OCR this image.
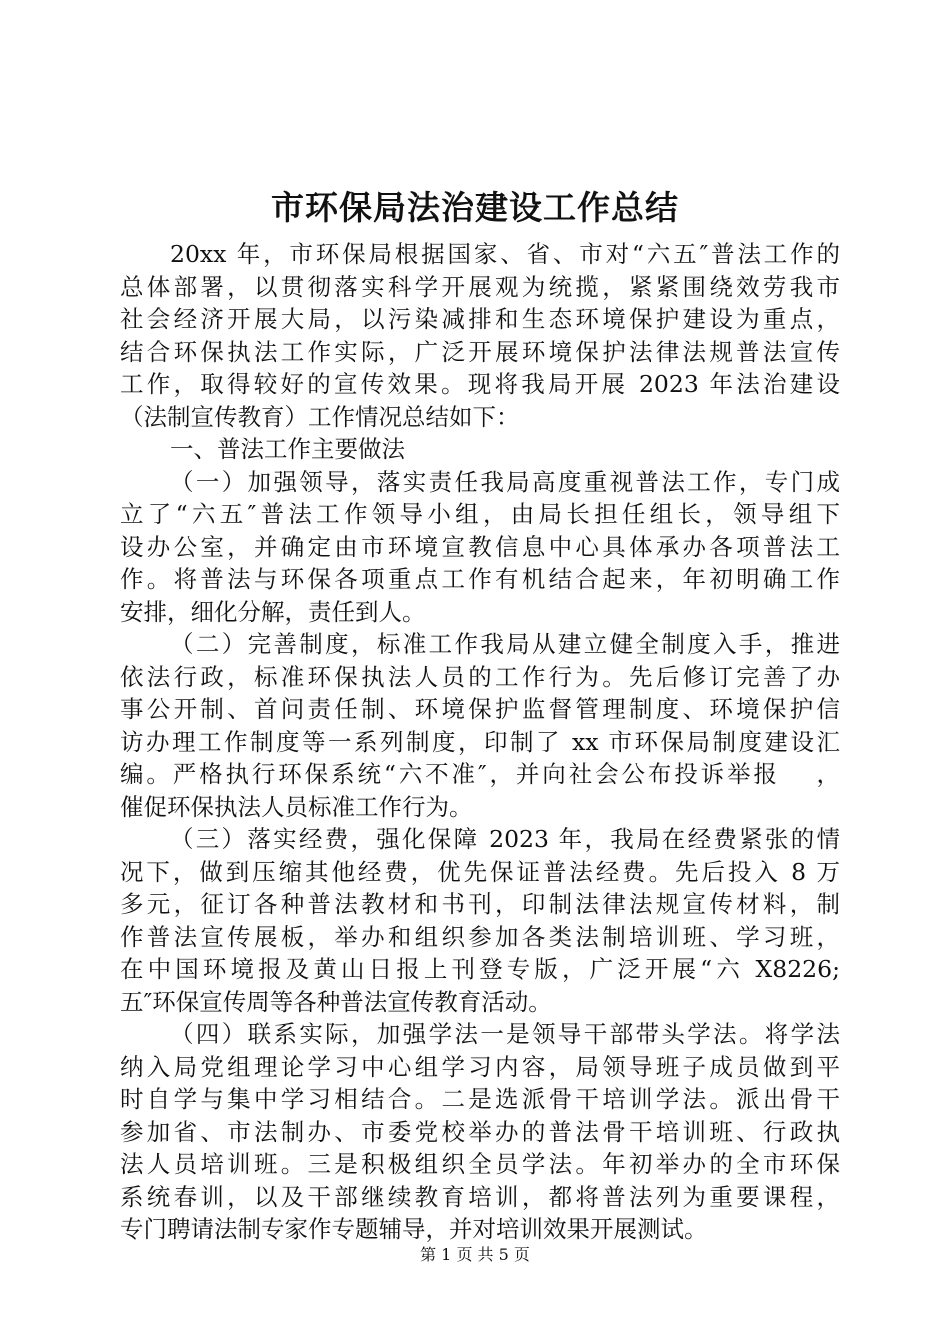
市环保局法治建设工作总结
20xx 年，市环保局根据国家、省、市对“六五″普法工作的
总体部署，以贯彻落实科学开展观为统揽，紧紧围绕效劳我市
社会经济开展大局，以污染减排和生态环境保护建设为重点，
结合环保执法工作实际，广泛开展环境保护法律法规普法宣传
工作，取得较好的宣传效果。现将我局开展 2023 年法治建设
（法制宣传教育）工作情况总结如下：
一、普法工作主要做法
（一）加强领导，落实责任我局高度重视普法工作，专门成
立了“六五″普法工作领导小组，由局长担任组长，领导组下
设办公室，并确定由市环境宣教信息中心具体承办各项普法工
作。将普法与环保各项重点工作有机结合起来，年初明确工作
安排，细化分解，责任到人。
（二）完善制度，标准工作我局从建立健全制度入手，推进
依法行政，标准环保执法人员的工作行为。先后修订完善了办
事公开制、首问责任制、环境保护监督管理制度、环境保护信
访办理工作制度等一系列制度，印制了 xx 市环保局制度建设汇
编。严格执行环保系统“六不准″，并向社会公布投诉举报　 ，
催促环保执法人员标准工作行为。
（三）落实经费，强化保障 2023 年，我局在经费紧张的情
况下，做到压缩其他经费，优先保证普法经费。先后投入 8 万
多元，征订各种普法教材和书刊，印制法律法规宣传材料，制
作普法宣传展板，举办和组织参加各类法制培训班、学习班，
在中国环境报及黄山日报上刊登专版，广泛开展“六 X8226;
五″环保宣传周等各种普法宣传教育活动。
（四）联系实际，加强学法一是领导干部带头学法。将学法
纳入局党组理论学习中心组学习内容，局领导班子成员做到平
时自学与集中学习相结合。二是选派骨干培训学法。派出骨干
参加省、市法制办、市委党校举办的普法骨干培训班、行政执
法人员培训班。三是积极组织全员学法。年初举办的全市环保
系统春训，以及干部继续教育培训，都将普法列为重要课程，
专门聘请法制专家作专题辅导，并对培训效果开展测试。
第 1 页 共 5 页
